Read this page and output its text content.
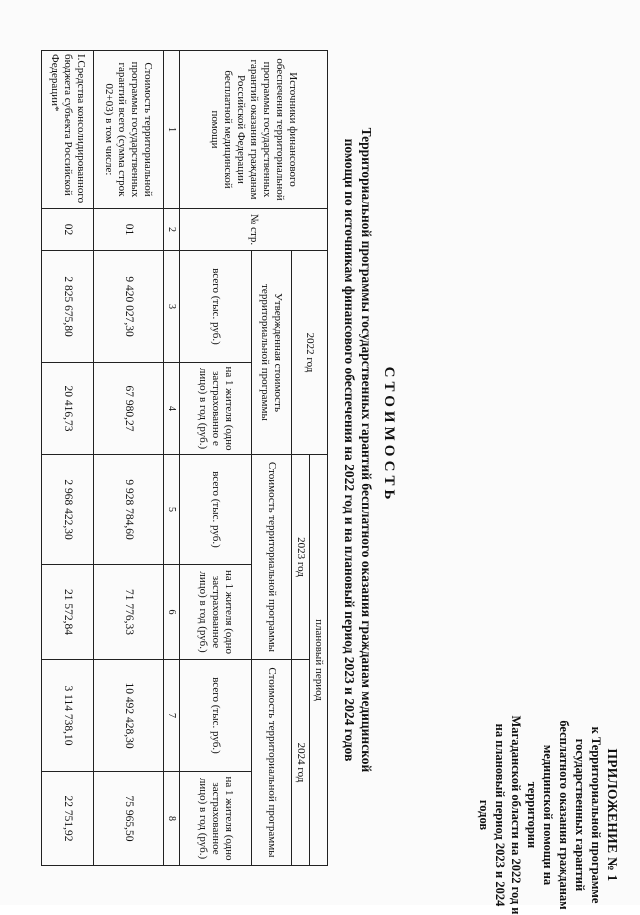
ПРИЛОЖЕНИЕ № 1
к Территориальной программе
государственных гарантий
бесплатного оказания гражданам
медицинской помощи на территории
Магаданской области на 2022 год и
на плановый период 2023 и 2024 годов
СТОИМОСТЬ
Территориальной программы государственных гарантий бесплатного оказания гражданам медицинской
помощи по источникам финансового обеспечения на 2022 год и на плановый период 2023 и 2024 годов
Источники финансового обеспечения территориальной программы государственных гарантий оказания гражданам Российской Федерации бесплатной медицинской помощи	№ стр.	2022 год		плановый период			
				2023 год		2024 год	
		Утвержденная стоимость территориальной программы		Стоимость территориальной программы		Стоимость территориальной программы	
		всего (тыс. руб.)	на 1 жителя (одно застрахованно е лицо) в год (руб.)	всего (тыс. руб.)	на 1 жителя (одно застрахованное лицо) в год (руб.)	всего (тыс. руб.)	на 1 жителя (одно застрахованное лицо) в год (руб.)
1	2	3	4	5	6	7	8
Стоимость территориальной программы государственных гарантий всего (сумма строк 02+03) в том числе:	01	9 420 027,30	67 980,27	9 928 784,60	71 776,33	10 492 428,30	75 965,50
I.Средства консолидированного бюджета субъекта Российской Федерации*	02	2 825 675,80	20 416,73	2 968 422,30	21 572,84	3 114 738,10	22 751,92
